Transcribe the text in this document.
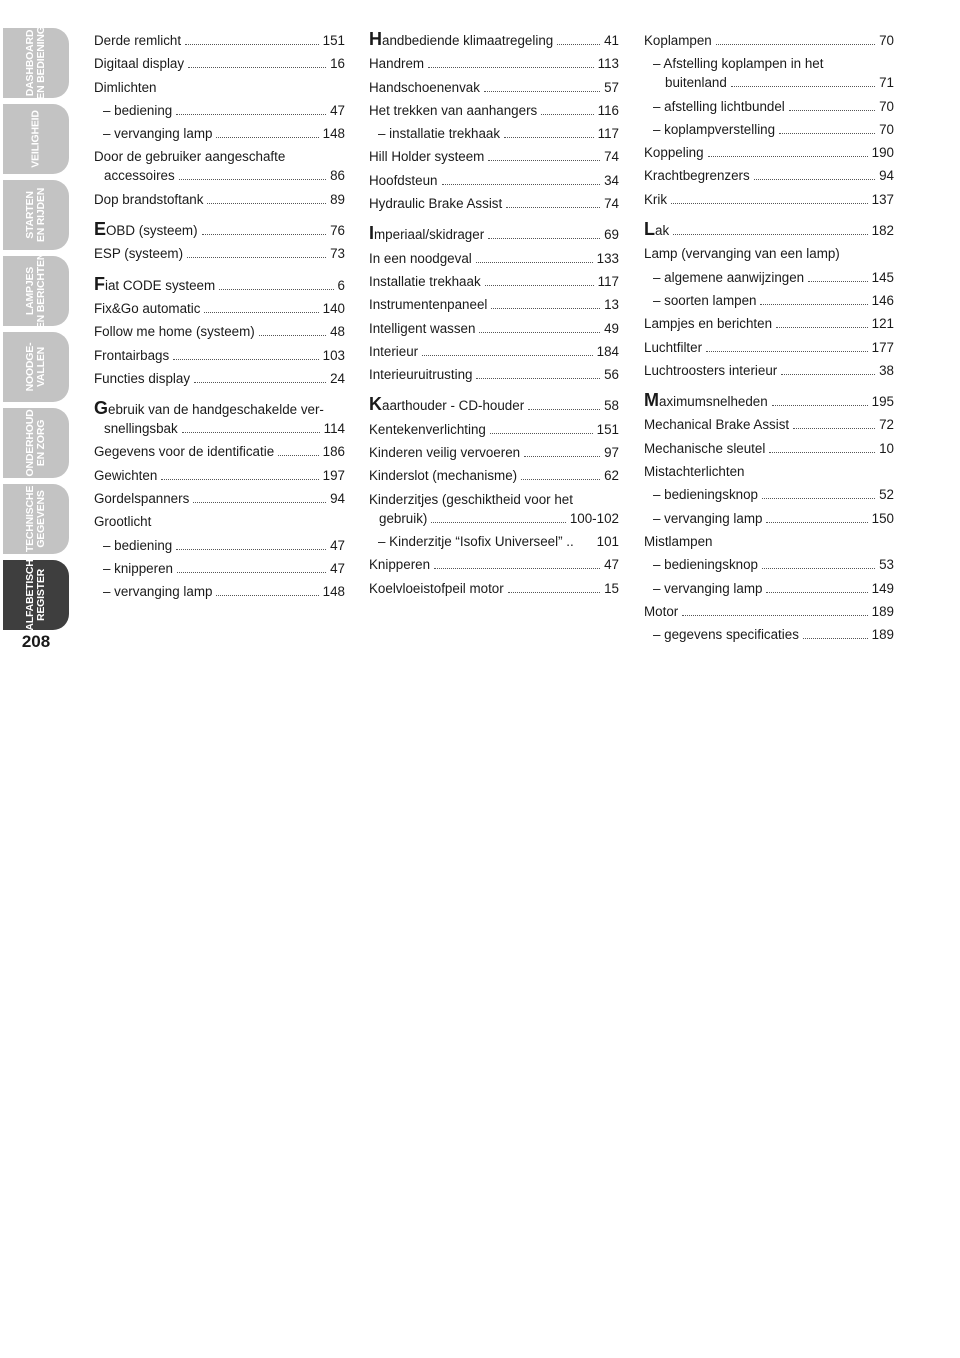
DASHBOARD
EN BEDIENING
VEILIGHEID
STARTEN
EN RIJDEN
LAMPJES
EN BERICHTEN
NOODGE-
VALLEN
ONDERHOUD
EN ZORG
TECHNISCHE
GEGEVENS
ALFABETISCH
REGISTER
208
Derde remlicht	151
Digitaal display	16
Dimlichten
– bediening	47
– vervanging lamp	148
Door de gebruiker aangeschafte
accessoires	86
Dop brandstoftank	89
EOBD (systeem)	76
ESP (systeem)	73
Fiat CODE systeem	6
Fix&Go automatic	140
Follow me home (systeem)	48
Frontairbags	103
Functies display	24
Gebruik van de handgeschakelde ver-
snellingsbak	114
Gegevens voor de identificatie	186
Gewichten	197
Gordelspanners	94
Grootlicht
– bediening	47
– knipperen	47
– vervanging lamp	148
Handbediende klimaatregeling	41
Handrem	113
Handschoenenvak	57
Het trekken van aanhangers	116
– installatie trekhaak	117
Hill Holder systeem	74
Hoofdsteun	34
Hydraulic Brake Assist	74
Imperiaal/skidrager	69
In een noodgeval	133
Installatie trekhaak	117
Instrumentenpaneel	13
Intelligent wassen	49
Interieur	184
Interieuruitrusting	56
Kaarthouder - CD-houder	58
Kentekenverlichting	151
Kinderen veilig vervoeren	97
Kinderslot (mechanisme)	62
Kinderzitjes (geschiktheid voor het
gebruik)	100-102
– Kinderzitje “Isofix Universeel” .. 101
Knipperen	47
Koelvloeistofpeil motor	15
Koplampen	70
– Afstelling koplampen in het
buitenland	71
– afstelling lichtbundel	70
– koplampverstelling	70
Koppeling	190
Krachtbegrenzers	94
Krik	137
Lak	182
Lamp (vervanging van een lamp)
– algemene aanwijzingen	145
– soorten lampen	146
Lampjes en berichten	121
Luchtfilter	177
Luchtroosters interieur	38
Maximumsnelheden	195
Mechanical Brake Assist	72
Mechanische sleutel	10
Mistachterlichten
– bedieningsknop	52
– vervanging lamp	150
Mistlampen
– bedieningsknop	53
– vervanging lamp	149
Motor	189
– gegevens specificaties	189
